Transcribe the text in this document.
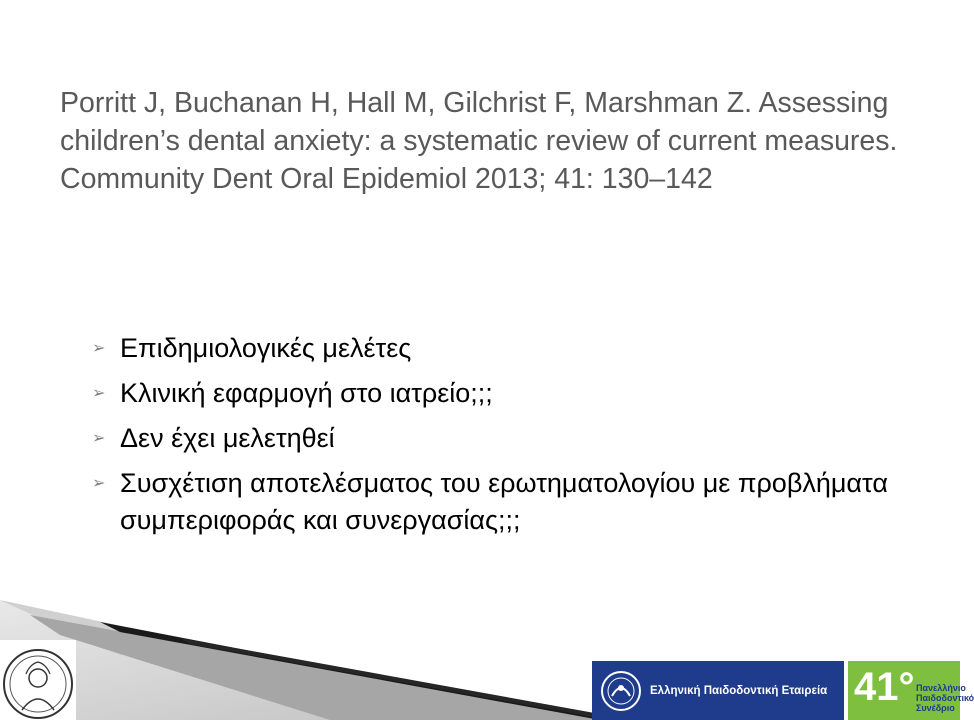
Porritt J, Buchanan H, Hall M, Gilchrist F, Marshman Z. Assessing children’s dental anxiety: a systematic review of current measures. Community Dent Oral Epidemiol 2013; 41: 130–142
➢ Επιδημιολογικές μελέτες
➢ Κλινική εφαρμογή στο ιατρείο;;;
➢ Δεν έχει μελετηθεί
➢ Συσχέτιση αποτελέσματος του ερωτηματολογίου με προβλήματα συμπεριφοράς και συνεργασίας;;;
Ελληνική Παιδοδοντική Εταιρεία 41° Πανελλήνιο
Παιδοδοντικό
Συνέδριο
